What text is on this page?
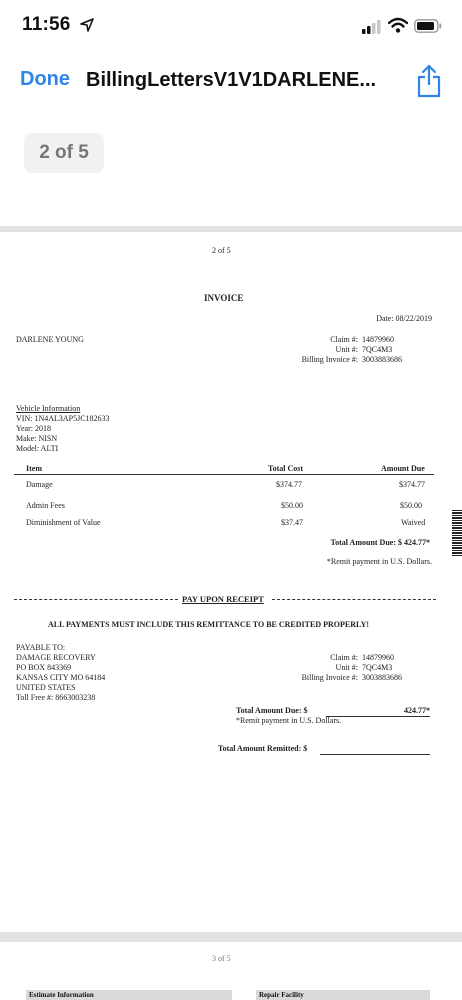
11:56
Done BillingLettersV1V1DARLENE...
2 of 5
2 of 5
INVOICE
Date: 08/22/2019
DARLENE YOUNG	Claim #: 14879960
Unit #: 7QC4M3
Billing Invoice #: 3003883686
Vehicle Information
VIN: 1N4AL3AP5JC182633
Year: 2018
Make: NISN
Model: ALTI
Item	Total Cost	Amount Due
Damage	$374.77	$374.77
Admin Fees	$50.00	$50.00
Diminishment of Value	$37.47	Waived
Total Amount Due: $ 424.77*
*Remit payment in U.S. Dollars.
PAY UPON RECEIPT
ALL PAYMENTS MUST INCLUDE THIS REMITTANCE TO BE CREDITED PROPERLY!
PAYABLE TO:
DAMAGE RECOVERY
PO BOX 843369
KANSAS CITY MO 64184
UNITED STATES
Toll Free #: 8663003238
Claim #: 14879960
Unit #: 7QC4M3
Billing Invoice #: 3003883686
Total Amount Due: $	424.77*
*Remit payment in U.S. Dollars.
Total Amount Remitted: $
3 of 5
Estimate Information	Repair Facility
